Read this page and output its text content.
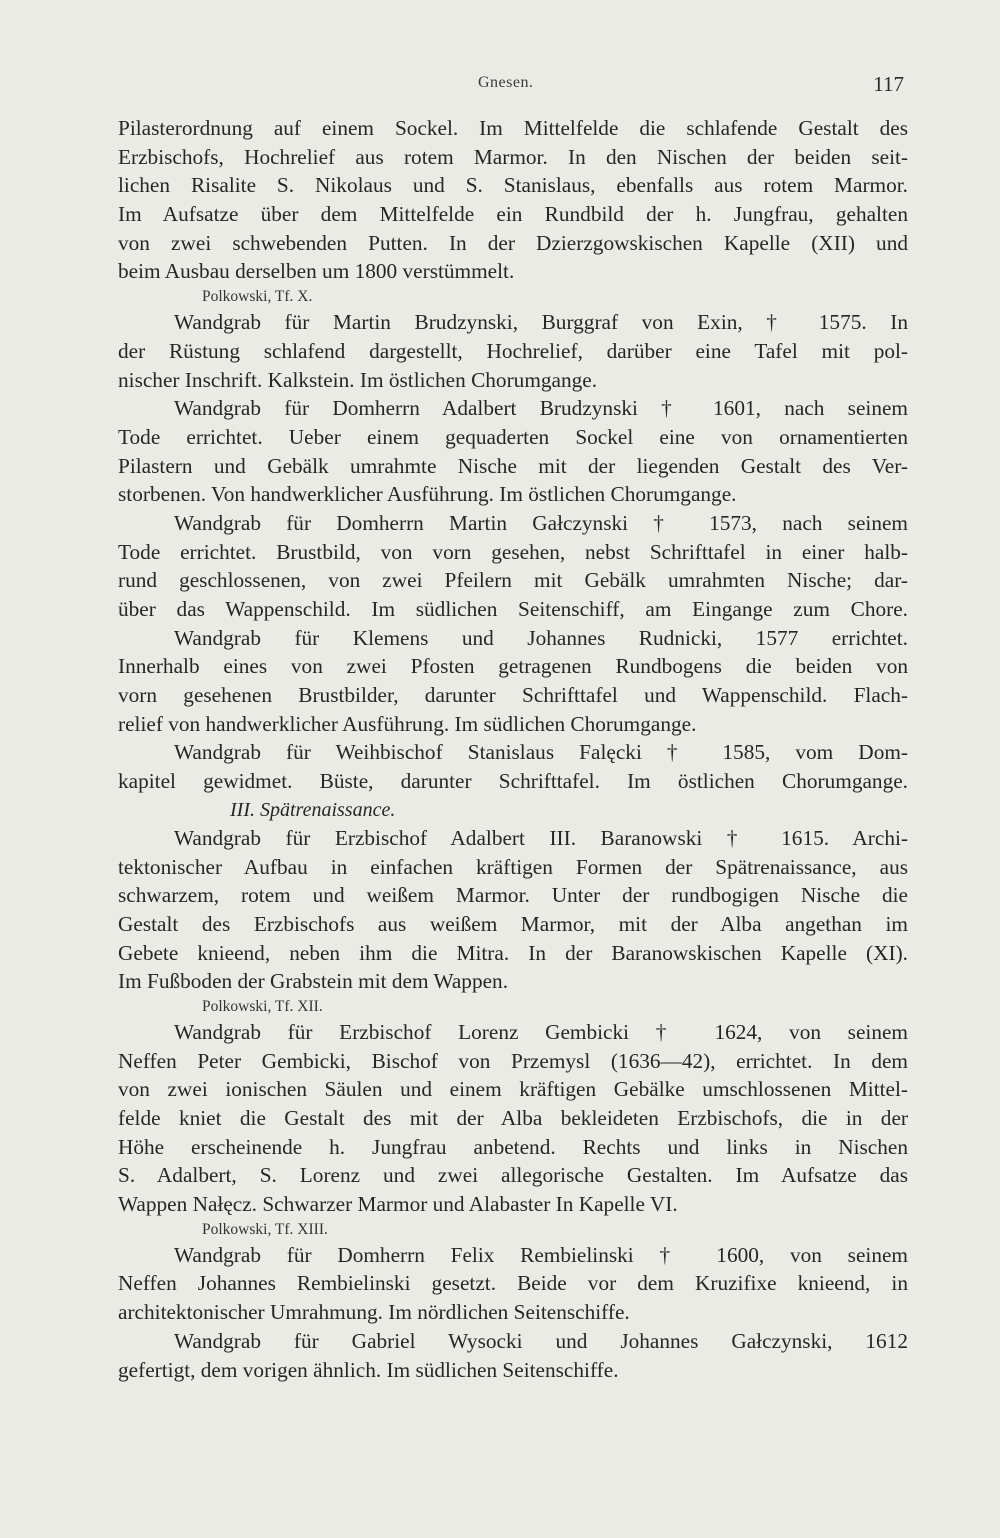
Gnesen.	117
Pilasterordnung auf einem Sockel. Im Mittelfelde die schlafende Gestalt des
Erzbischofs, Hochrelief aus rotem Marmor. In den Nischen der beiden seit-
lichen Risalite S. Nikolaus und S. Stanislaus, ebenfalls aus rotem Marmor.
Im Aufsatze über dem Mittelfelde ein Rundbild der h. Jungfrau, gehalten
von zwei schwebenden Putten. In der Dzierzgowskischen Kapelle (XII) und
beim Ausbau derselben um 1800 verstümmelt.
Polkowski, Tf. X.
Wandgrab für Martin Brudzynski, Burggraf von Exin, † 1575. In
der Rüstung schlafend dargestellt, Hochrelief, darüber eine Tafel mit pol-
nischer Inschrift. Kalkstein. Im östlichen Chorumgange.
Wandgrab für Domherrn Adalbert Brudzynski † 1601, nach seinem
Tode errichtet. Ueber einem gequaderten Sockel eine von ornamentierten
Pilastern und Gebälk umrahmte Nische mit der liegenden Gestalt des Ver-
storbenen. Von handwerklicher Ausführung. Im östlichen Chorumgange.
Wandgrab für Domherrn Martin Gałczynski † 1573, nach seinem
Tode errichtet. Brustbild, von vorn gesehen, nebst Schrifttafel in einer halb-
rund geschlossenen, von zwei Pfeilern mit Gebälk umrahmten Nische; dar-
über das Wappenschild. Im südlichen Seitenschiff, am Eingange zum Chore.
Wandgrab für Klemens und Johannes Rudnicki, 1577 errichtet.
Innerhalb eines von zwei Pfosten getragenen Rundbogens die beiden von
vorn gesehenen Brustbilder, darunter Schrifttafel und Wappenschild. Flach-
relief von handwerklicher Ausführung. Im südlichen Chorumgange.
Wandgrab für Weihbischof Stanislaus Falęcki † 1585, vom Dom-
kapitel gewidmet. Büste, darunter Schrifttafel. Im östlichen Chorumgange.
III. Spätrenaissance.
Wandgrab für Erzbischof Adalbert III. Baranowski † 1615. Archi-
tektonischer Aufbau in einfachen kräftigen Formen der Spätrenaissance, aus
schwarzem, rotem und weißem Marmor. Unter der rundbogigen Nische die
Gestalt des Erzbischofs aus weißem Marmor, mit der Alba angethan im
Gebete knieend, neben ihm die Mitra. In der Baranowskischen Kapelle (XI).
Im Fußboden der Grabstein mit dem Wappen.
Polkowski, Tf. XII.
Wandgrab für Erzbischof Lorenz Gembicki † 1624, von seinem
Neffen Peter Gembicki, Bischof von Przemysl (1636—42), errichtet. In dem
von zwei ionischen Säulen und einem kräftigen Gebälke umschlossenen Mittel-
felde kniet die Gestalt des mit der Alba bekleideten Erzbischofs, die in der
Höhe erscheinende h. Jungfrau anbetend. Rechts und links in Nischen
S. Adalbert, S. Lorenz und zwei allegorische Gestalten. Im Aufsatze das
Wappen Nałęcz. Schwarzer Marmor und Alabaster In Kapelle VI.
Polkowski, Tf. XIII.
Wandgrab für Domherrn Felix Rembielinski † 1600, von seinem
Neffen Johannes Rembielinski gesetzt. Beide vor dem Kruzifixe knieend, in
architektonischer Umrahmung. Im nördlichen Seitenschiffe.
Wandgrab für Gabriel Wysocki und Johannes Gałczynski, 1612
gefertigt, dem vorigen ähnlich. Im südlichen Seitenschiffe.
